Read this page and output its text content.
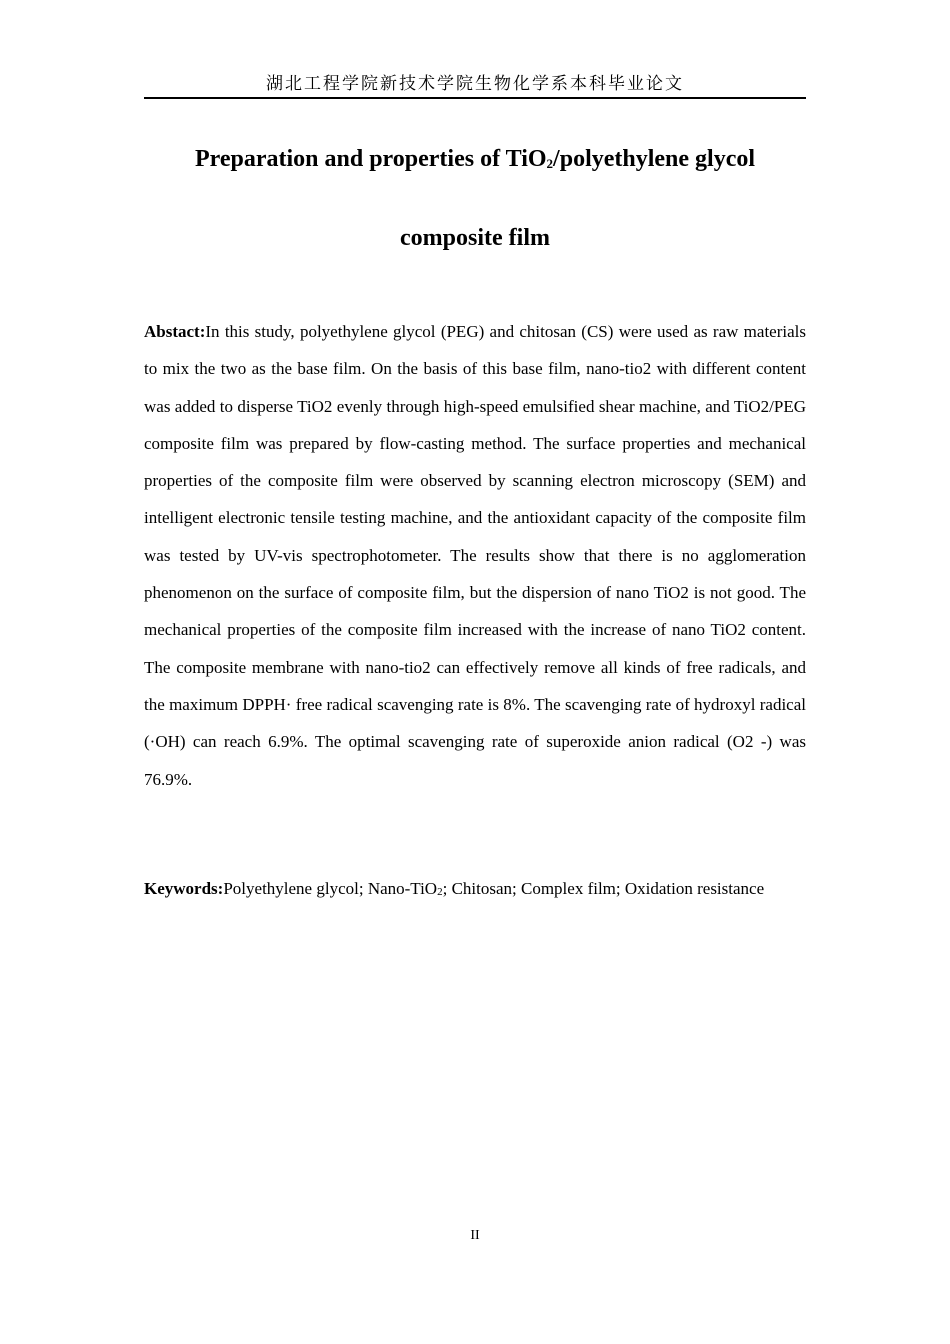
湖北工程学院新技术学院生物化学系本科毕业论文
Preparation and properties of TiO$_2$/polyethylene glycol
composite film

Abstact:In this study, polyethylene glycol (PEG) and chitosan (CS) were used as raw materials to mix the two as the base film. On the basis of this base film, nano-tio2 with different content was added to disperse TiO2 evenly through high-speed emulsified shear machine, and TiO2/PEG composite film was prepared by flow-casting method. The surface properties and mechanical properties of the composite film were observed by scanning electron microscopy (SEM) and intelligent electronic tensile testing machine, and the antioxidant capacity of the composite film was tested by UV-vis spectrophotometer. The results show that there is no agglomeration phenomenon on the surface of composite film, but the dispersion of nano TiO2 is not good. The mechanical properties of the composite film increased with the increase of nano TiO2 content. The composite membrane with nano-tio2 can effectively remove all kinds of free radicals, and the maximum DPPH· free radical scavenging rate is 8%. The scavenging rate of hydroxyl radical (·OH) can reach 6.9%. The optimal scavenging rate of superoxide anion radical (O2 -) was 76.9%.

Keywords:Polyethylene glycol; Nano-TiO$_2$; Chitosan; Complex film; Oxidation resistance

II
